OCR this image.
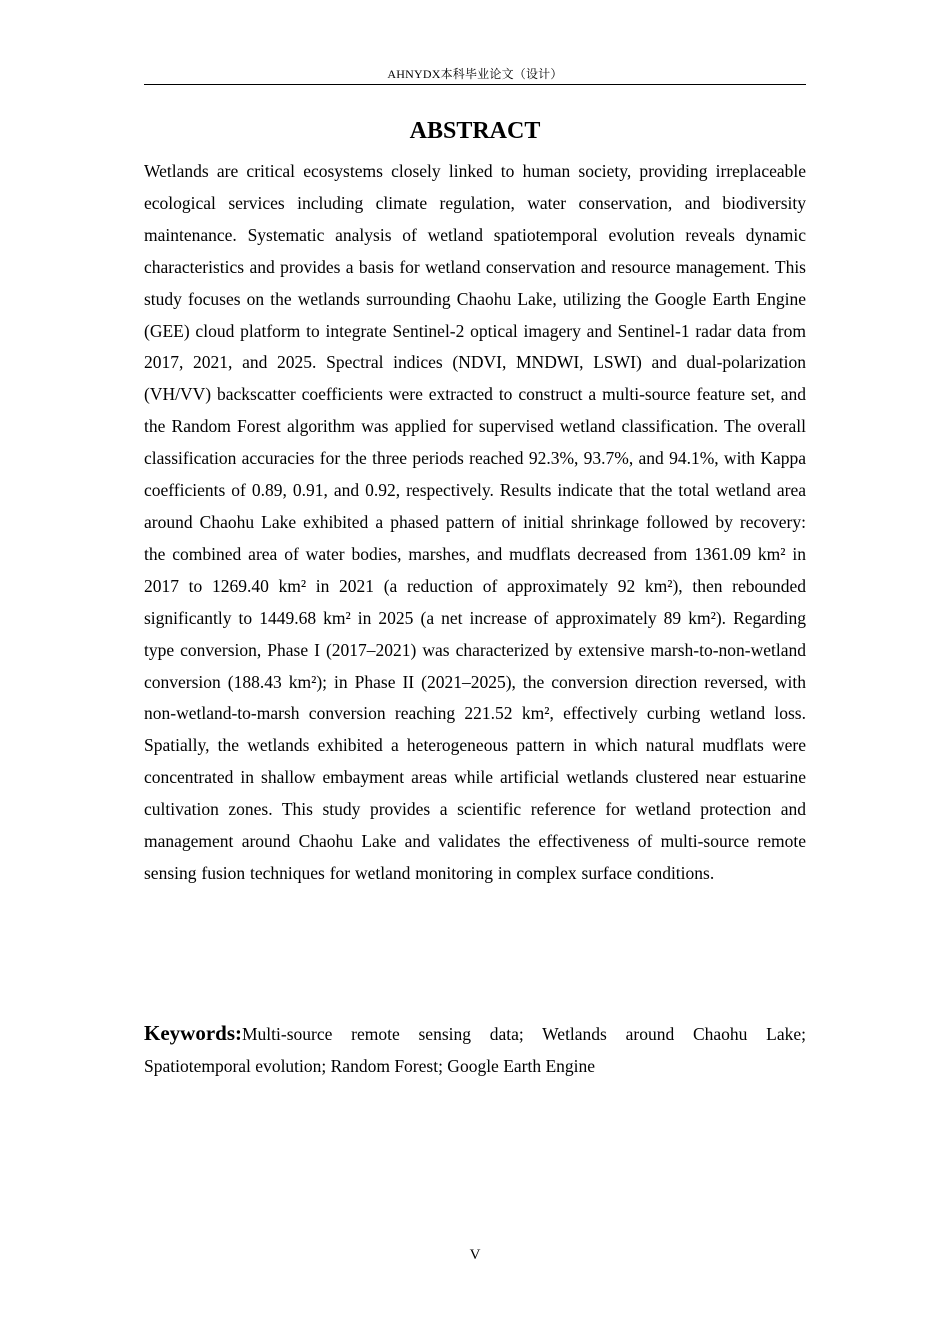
AHNYDX本科毕业论文（设计）
ABSTRACT

Wetlands are critical ecosystems closely linked to human society, providing irreplaceable ecological services including climate regulation, water conservation, and biodiversity maintenance. Systematic analysis of wetland spatiotemporal evolution reveals dynamic characteristics and provides a basis for wetland conservation and resource management. This study focuses on the wetlands surrounding Chaohu Lake, utilizing the Google Earth Engine (GEE) cloud platform to integrate Sentinel-2 optical imagery and Sentinel-1 radar data from 2017, 2021, and 2025. Spectral indices (NDVI, MNDWI, LSWI) and dual-polarization (VH/VV) backscatter coefficients were extracted to construct a multi-source feature set, and the Random Forest algorithm was applied for supervised wetland classification. The overall classification accuracies for the three periods reached 92.3%, 93.7%, and 94.1%, with Kappa coefficients of 0.89, 0.91, and 0.92, respectively. Results indicate that the total wetland area around Chaohu Lake exhibited a phased pattern of initial shrinkage followed by recovery: the combined area of water bodies, marshes, and mudflats decreased from 1361.09 km² in 2017 to 1269.40 km² in 2021 (a reduction of approximately 92 km²), then rebounded significantly to 1449.68 km² in 2025 (a net increase of approximately 89 km²). Regarding type conversion, Phase I (2017–2021) was characterized by extensive marsh-to-non-wetland conversion (188.43 km²); in Phase II (2021–2025), the conversion direction reversed, with non-wetland-to-marsh conversion reaching 221.52 km², effectively curbing wetland loss. Spatially, the wetlands exhibited a heterogeneous pattern in which natural mudflats were concentrated in shallow embayment areas while artificial wetlands clustered near estuarine cultivation zones. This study provides a scientific reference for wetland protection and management around Chaohu Lake and validates the effectiveness of multi-source remote sensing fusion techniques for wetland monitoring in complex surface conditions.

Keywords:Multi-source remote sensing data; Wetlands around Chaohu Lake; Spatiotemporal evolution; Random Forest; Google Earth Engine

V
